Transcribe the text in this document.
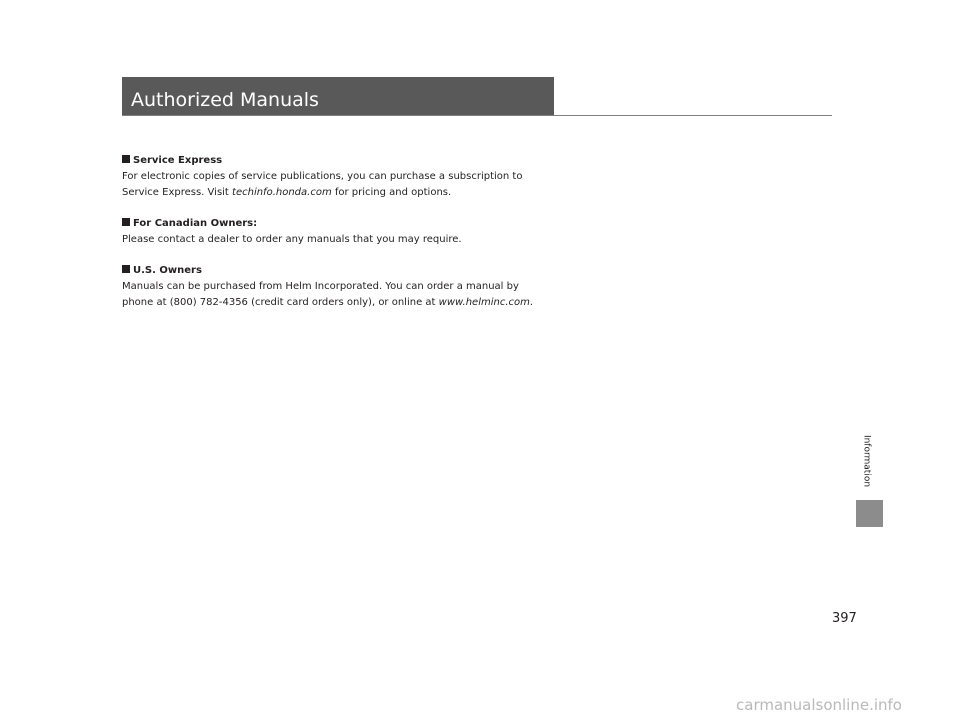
Authorized Manuals
Service Express
For electronic copies of service publications, you can purchase a subscription to
Service Express. Visit techinfo.honda.com for pricing and options.
For Canadian Owners:
Please contact a dealer to order any manuals that you may require.
U.S. Owners
Manuals can be purchased from Helm Incorporated. You can order a manual by
phone at (800) 782-4356 (credit card orders only), or online at www.helminc.com.
Information
397
carmanualsonline.info
